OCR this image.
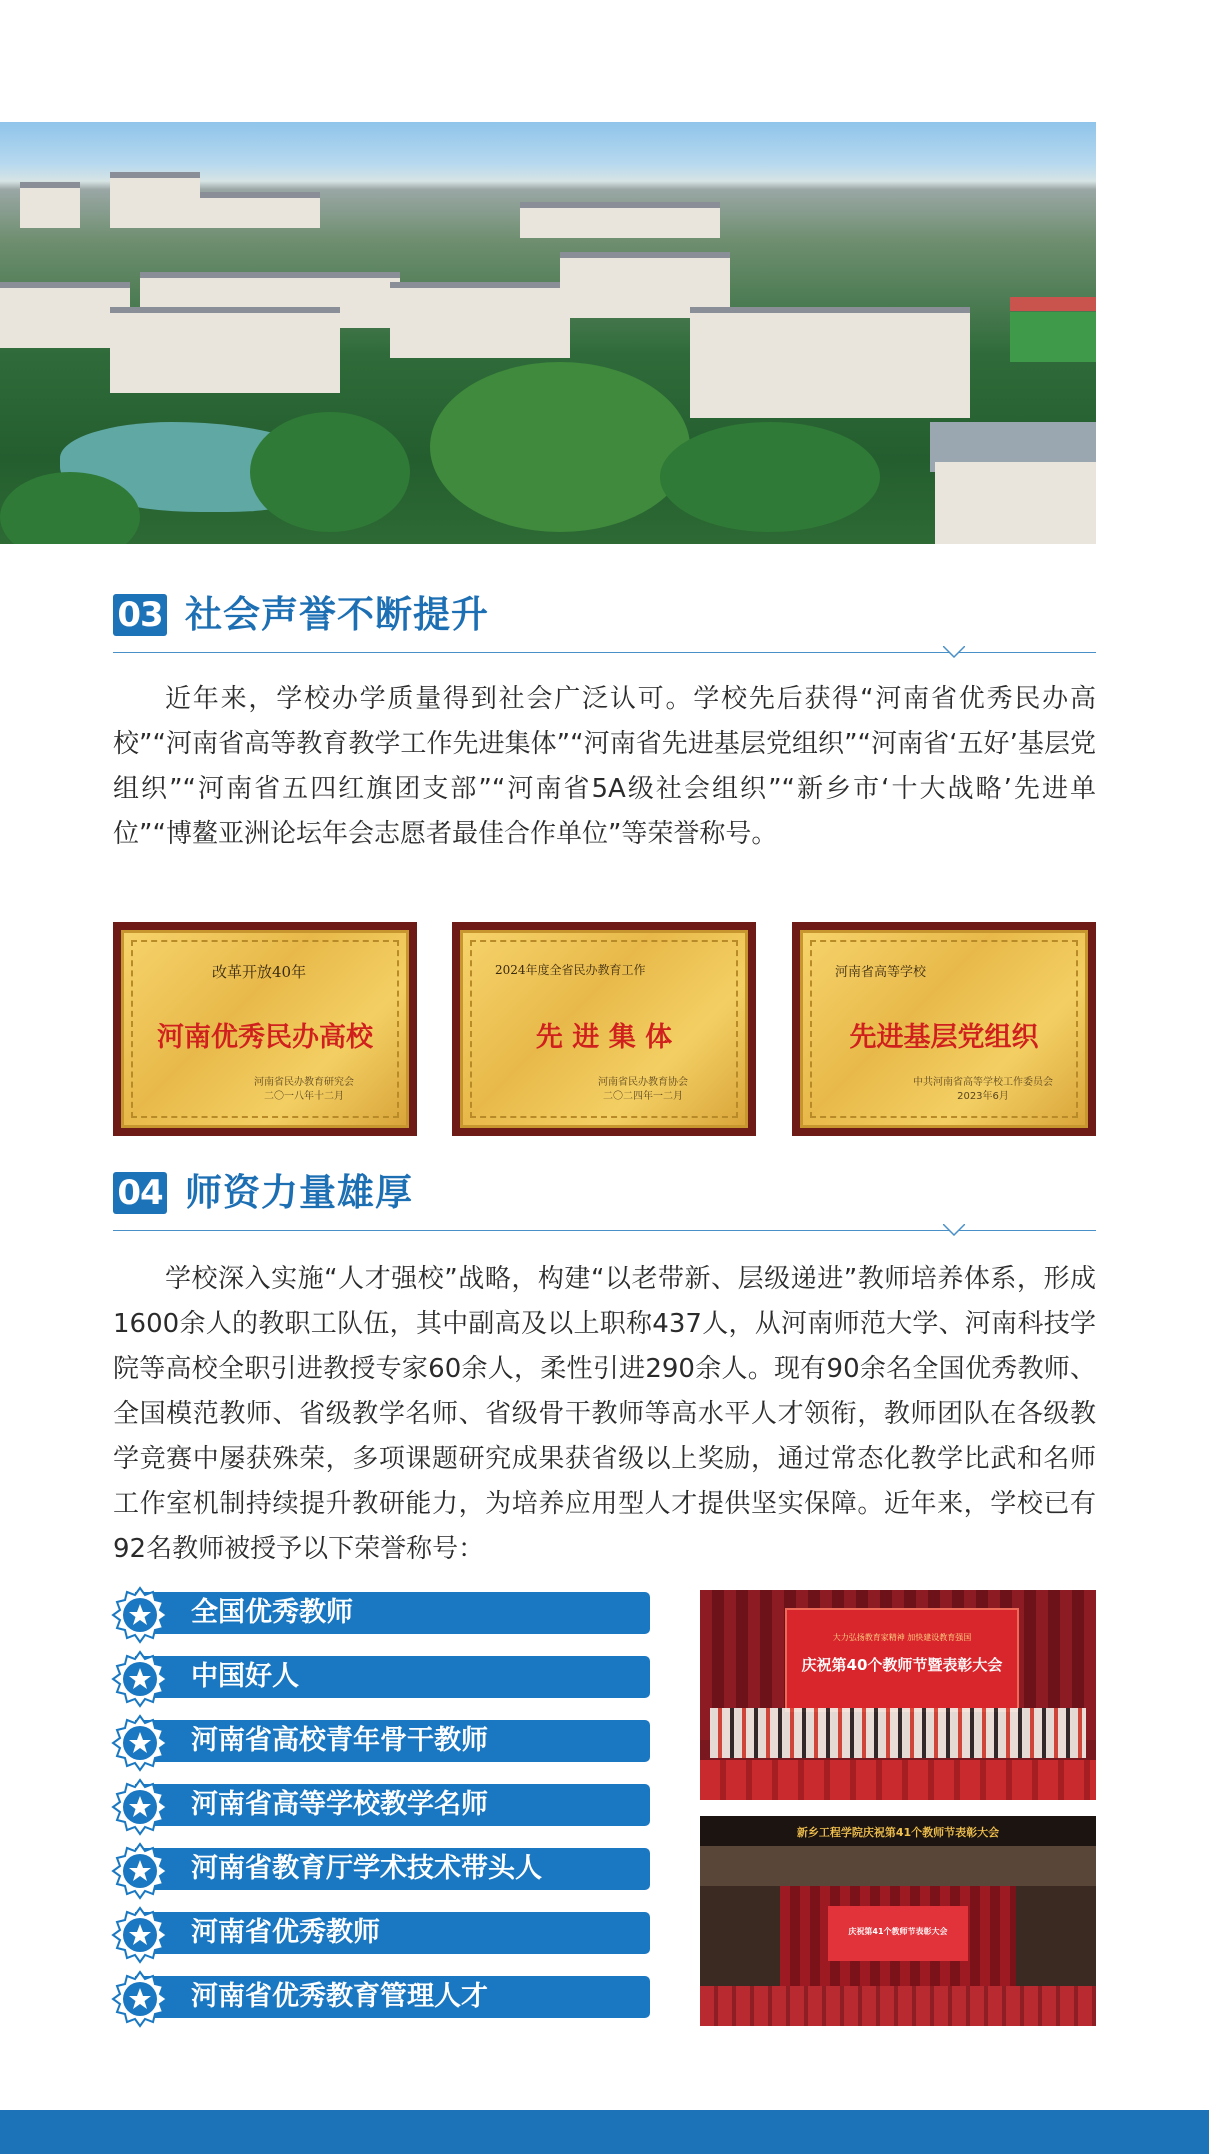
03 社会声誉不断提升

近年来，学校办学质量得到社会广泛认可。学校先后获得“河南省优秀民办高校”“河南省高等教育教学工作先进集体”“河南省先进基层党组织”“河南省‘五好’基层党组织”“河南省五四红旗团支部”“河南省5A级社会组织”“新乡市‘十大战略’先进单位”“博鳌亚洲论坛年会志愿者最佳合作单位”等荣誉称号。

改革开放40年
河南优秀民办高校
河南省民办教育研究会
二〇一八年十二月
2024年度全省民办教育工作
先 进 集 体
河南省民办教育协会
二〇二四年一二月
河南省高等学校
先进基层党组织
中共河南省高等学校工作委员会
2023年6月
04 师资力量雄厚

学校深入实施“人才强校”战略，构建“以老带新、层级递进”教师培养体系，形成1600余人的教职工队伍，其中副高及以上职称437人，从河南师范大学、河南科技学院等高校全职引进教授专家60余人，柔性引进290余人。现有90余名全国优秀教师、全国模范教师、省级教学名师、省级骨干教师等高水平人才领衔，教师团队在各级教学竞赛中屡获殊荣，多项课题研究成果获省级以上奖励，通过常态化教学比武和名师工作室机制持续提升教研能力，为培养应用型人才提供坚实保障。近年来，学校已有92名教师被授予以下荣誉称号：

全国优秀教师
中国好人
河南省高校青年骨干教师
河南省高等学校教学名师
河南省教育厅学术技术带头人
河南省优秀教师
河南省优秀教育管理人才
大力弘扬教育家精神 加快建设教育强国
庆祝第40个教师节暨表彰大会
新乡工程学院庆祝第41个教师节表彰大会
庆祝第41个教师节表彰大会
